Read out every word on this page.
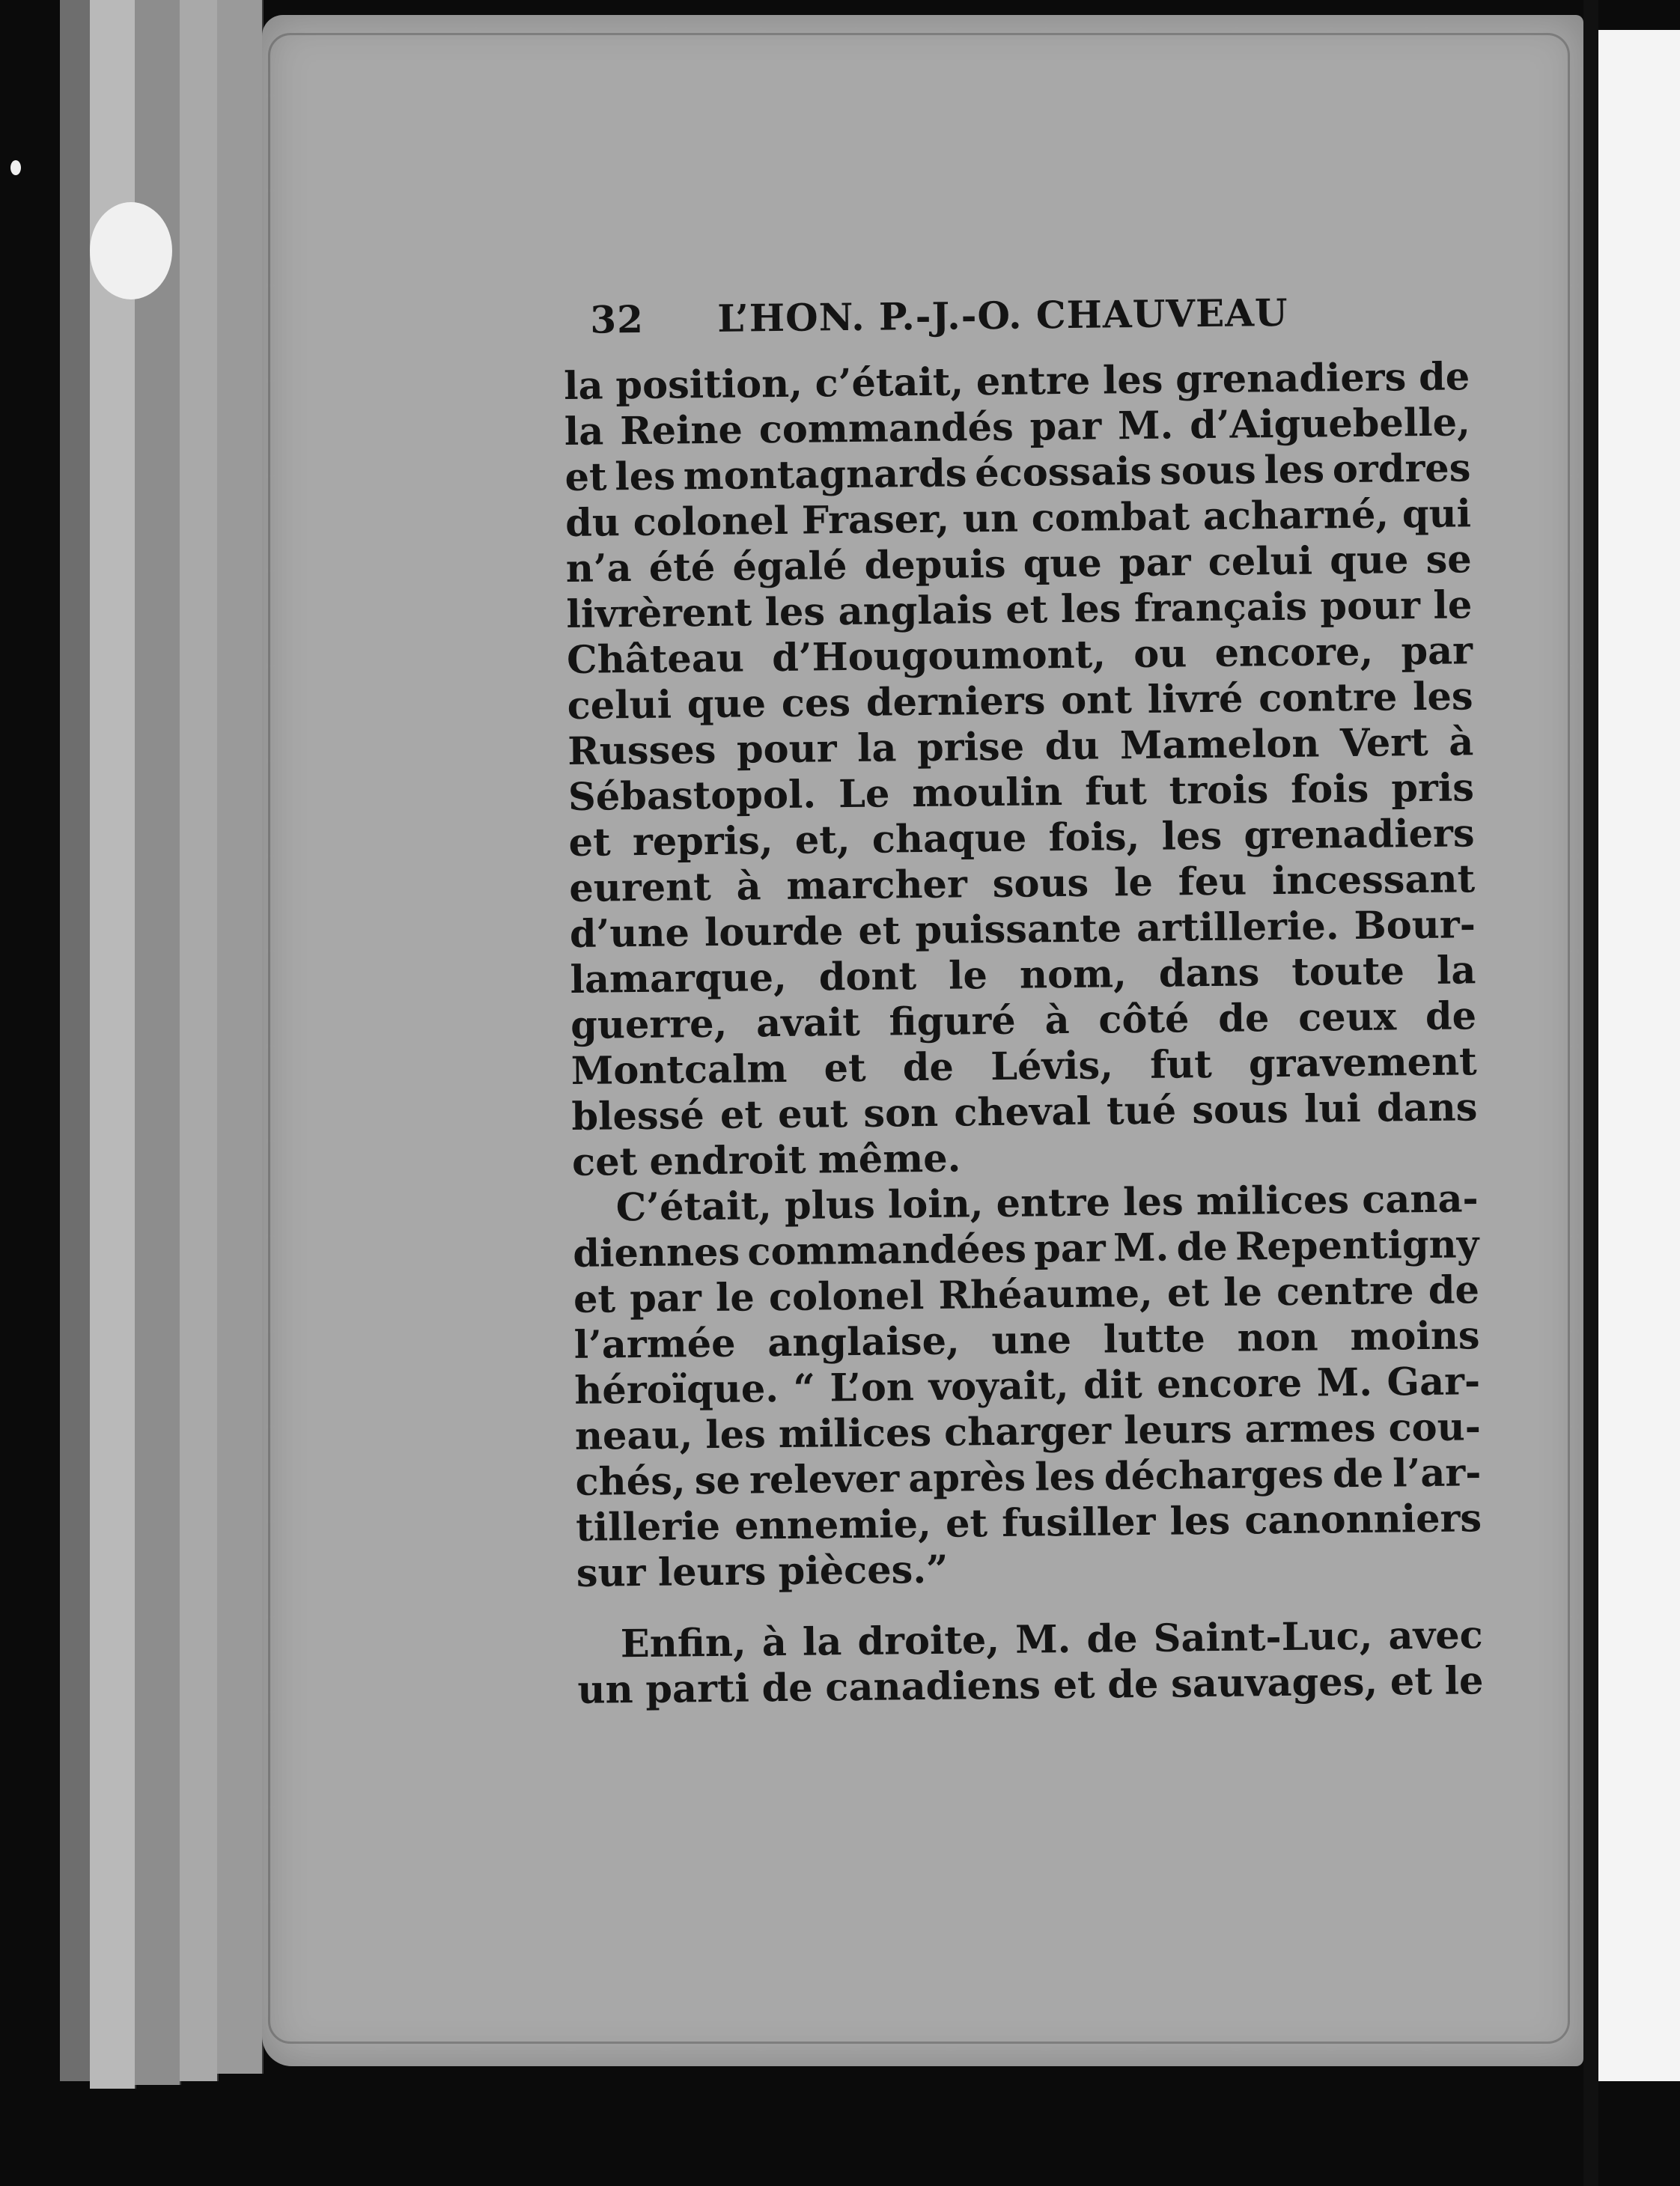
32	L’HON. P.-J.-O. CHAUVEAU
la position, c’était, entre les grenadiers de
la Reine commandés par M. d’Aiguebelle,
et les montagnards écossais sous les ordres
du colonel Fraser, un combat acharné, qui
n’a été égalé depuis que par celui que se
livrèrent les anglais et les français pour le
Château d’Hougoumont, ou encore, par
celui que ces derniers ont livré contre les
Russes pour la prise du Mamelon Vert à
Sébastopol. Le moulin fut trois fois pris
et repris, et, chaque fois, les grenadiers
eurent à marcher sous le feu incessant
d’une lourde et puissante artillerie. Bour-
lamarque, dont le nom, dans toute la
guerre, avait figuré à côté de ceux de
Montcalm et de Lévis, fut gravement
blessé et eut son cheval tué sous lui dans
cet endroit même.
C’était, plus loin, entre les milices cana-
diennes commandées par M. de Repentigny
et par le colonel Rhéaume, et le centre de
l’armée anglaise, une lutte non moins
héroïque. “ L’on voyait, dit encore M. Gar-
neau, les milices charger leurs armes cou-
chés, se relever après les décharges de l’ar-
tillerie ennemie, et fusiller les canonniers
sur leurs pièces.”
Enfin, à la droite, M. de Saint-Luc, avec
un parti de canadiens et de sauvages, et le
